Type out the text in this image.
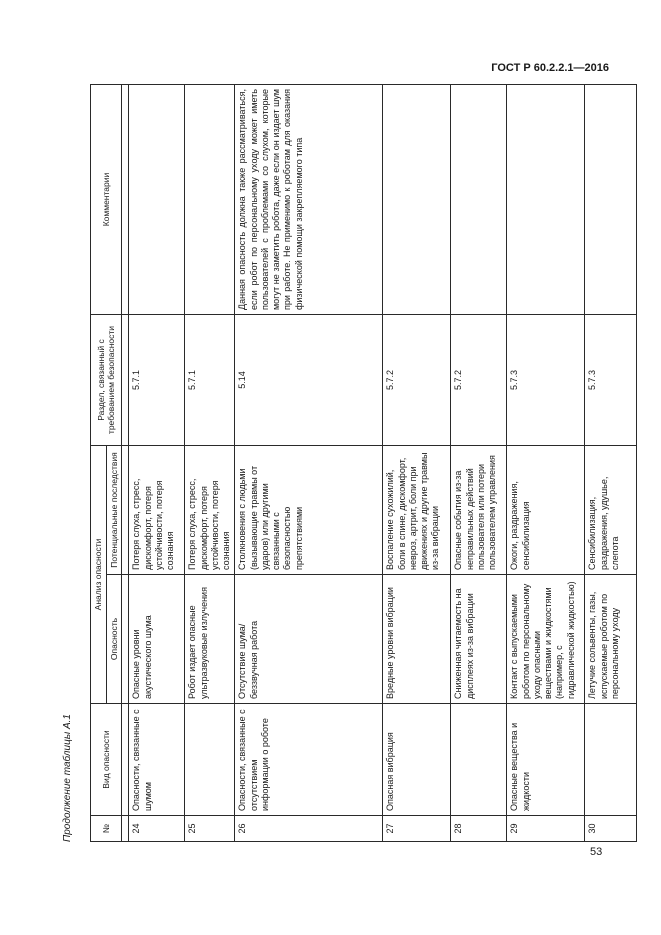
ГОСТ Р 60.2.2.1—2016
Продолжение таблицы А.1	№	Вид опасности	Анализ опасности		Раздел, связанный с требованием безопасности	Комментарии
		Опасность	Потенциальные последствия		

24	Опасности, связанные с шумом	Опасные уровни акустического шума	Потеря слуха, стресс, дискомфорт, потеря устойчивости, потеря сознания	5.7.1	
25		Робот издает опасные ультразвуковые излучения	Потеря слуха, стресс, дискомфорт, потеря устойчивости, потеря сознания	5.7.1	
26	Опасности, связанные с отсутствием информации о роботе	Отсутствие шума/беззвучная работа	Столкновения с людьми (вызывающие травмы от ударов) или другими связанными с безопасностью препятствиями	5.14	Данная опасность должна также рассматриваться, если робот по персональному уходу может иметь пользователей с проблемами со слухом, которые могут не заметить робота, даже если он издает шум при работе. Не применимо к роботам для оказания физической помощи закрепляемого типа
27	Опасная вибрация	Вредные уровни вибрации	Воспаление сухожилий, боли в спине, дискомфорт, невроз, артрит, боли при движениях и другие травмы из-за вибрации	5.7.2	
28		Сниженная читаемость на дисплеях из-за вибрации	Опасные события из-за неправильных действий пользователя или потери пользователем управления	5.7.2	
29	Опасные вещества и жидкости	Контакт с выпускаемыми роботом по персональному уходу опасными веществами и жидкостями (например, с гидравлической жидкостью)	Ожоги, раздражения, сенсибилизация	5.7.3	
30		Летучие сольвенты, газы, испускаемые роботом по персональному уходу	Сенсибилизация, раздражения, удушье, слепота	5.7.3	
53
